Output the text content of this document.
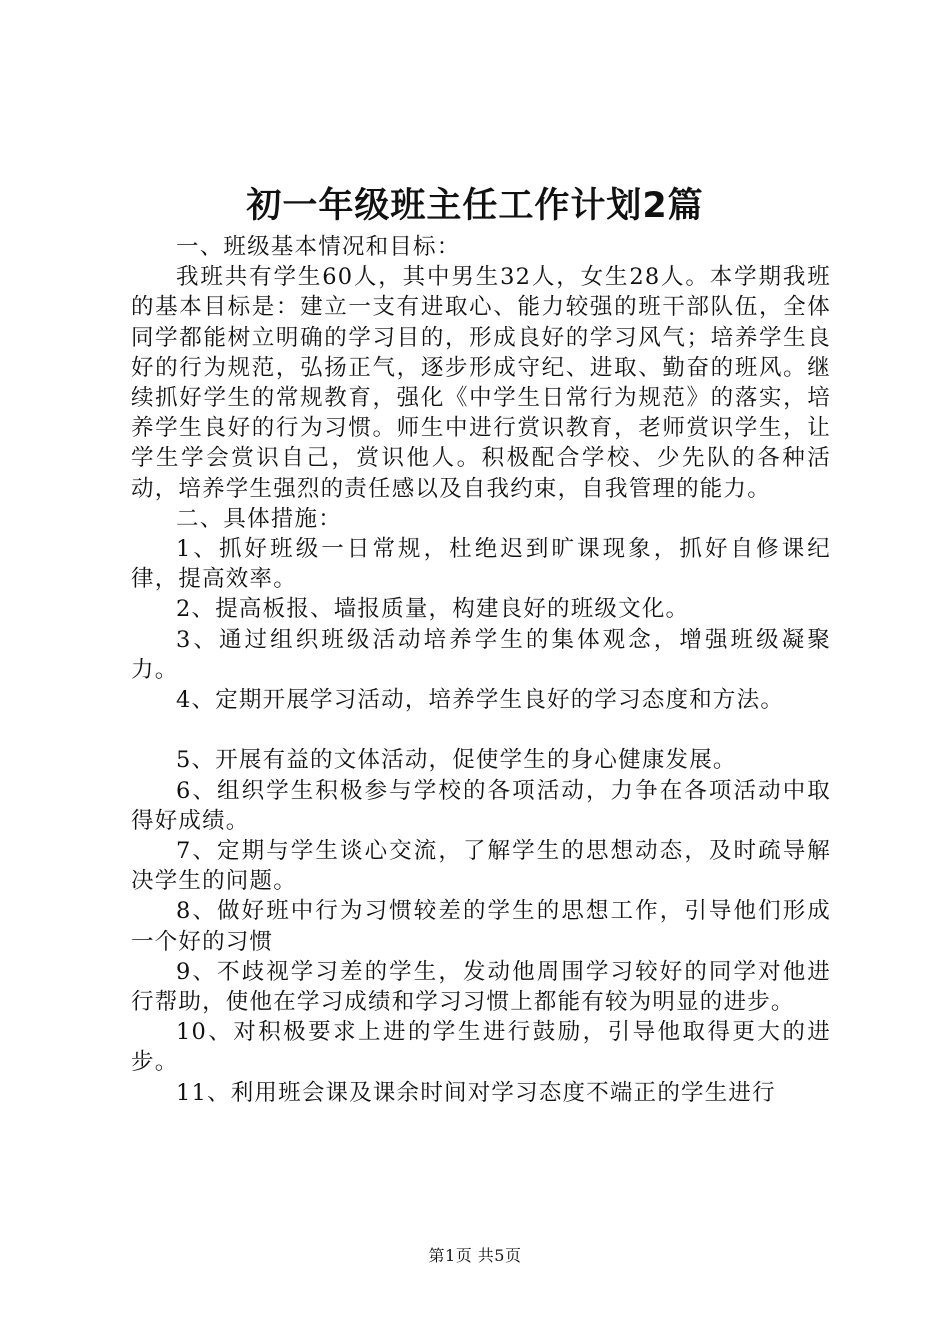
初一年级班主任工作计划2篇

一、班级基本情况和目标：

我班共有学生60人，其中男生32人，女生28人。本学期我班的基本目标是：建立一支有进取心、能力较强的班干部队伍，全体同学都能树立明确的学习目的，形成良好的学习风气；培养学生良好的行为规范，弘扬正气，逐步形成守纪、进取、勤奋的班风。继续抓好学生的常规教育，强化《中学生日常行为规范》的落实，培养学生良好的行为习惯。师生中进行赏识教育，老师赏识学生，让学生学会赏识自己，赏识他人。积极配合学校、少先队的各种活动，培养学生强烈的责任感以及自我约束，自我管理的能力。

二、具体措施：

1、抓好班级一日常规，杜绝迟到旷课现象，抓好自修课纪律，提高效率。

2、提高板报、墙报质量，构建良好的班级文化。

3、通过组织班级活动培养学生的集体观念，增强班级凝聚力。

4、定期开展学习活动，培养学生良好的学习态度和方法。

5、开展有益的文体活动，促使学生的身心健康发展。

6、组织学生积极参与学校的各项活动，力争在各项活动中取得好成绩。

7、定期与学生谈心交流，了解学生的思想动态，及时疏导解决学生的问题。

8、做好班中行为习惯较差的学生的思想工作，引导他们形成一个好的习惯

9、不歧视学习差的学生，发动他周围学习较好的同学对他进行帮助，使他在学习成绩和学习习惯上都能有较为明显的进步。

10、对积极要求上进的学生进行鼓励，引导他取得更大的进步。

11、利用班会课及课余时间对学习态度不端正的学生进行

第1页 共5页
